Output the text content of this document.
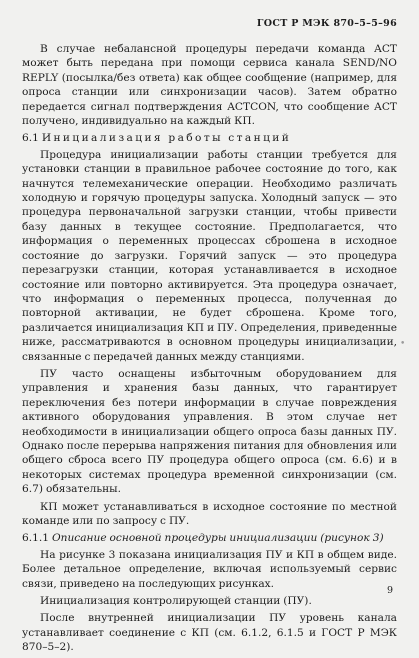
ГОСТ Р МЭК 870–5–5–96

В случае небалансной процедуры передачи команда ACT может быть передана при помощи сервиса канала SEND/NO REPLY (посылка/без ответа) как общее сообщение (например, для опроса станции или синхронизации часов). Затем обратно передается сигнал подтверждения ACTCON, что сообщение ACT получено, индивидуально на каждый КП.

6.1 Инициализация работы станций

Процедура инициализации работы станции требуется для установки станции в правильное рабочее состояние до того, как начнутся телемеханические операции. Необходимо различать холодную и горячую процедуры запуска. Холодный запуск — это процедура первоначальной загрузки станции, чтобы привести базу данных в текущее состояние. Предполагается, что информация о переменных процессах сброшена в исходное состояние до загрузки. Горячий запуск — это процедура перезагрузки станции, которая устанавливается в исходное состояние или повторно активируется. Эта процедура означает, что информация о переменных процесса, полученная до повторной активации, не будет сброшена. Кроме того, различается инициализация КП и ПУ. Определения, приведенные ниже, рассматриваются в основном процедуры инициализации, связанные с передачей данных между станциями.

ПУ часто оснащены избыточным оборудованием для управления и хранения базы данных, что гарантирует переключения без потери информации в случае повреждения активного оборудования управления. В этом случае нет необходимости в инициализации общего опроса базы данных ПУ. Однако после перерыва напряжения питания для обновления или общего сброса всего ПУ процедура общего опроса (см. 6.6) и в некоторых системах процедура временной синхронизации (см. 6.7) обязательны.

КП может устанавливаться в исходное состояние по местной команде или по запросу с ПУ.

6.1.1 Описание основной процедуры инициализации (рисунок 3)

На рисунке 3 показана инициализация ПУ и КП в общем виде. Более детальное определение, включая используемый сервис связи, приведено на последующих рисунках.

Инициализация контролирующей станции (ПУ).

После внутренней инициализации ПУ уровень канала устанавливает соединение с КП (см. 6.1.2, 6.1.5 и ГОСТ Р МЭК 870–5–2).

•
9
